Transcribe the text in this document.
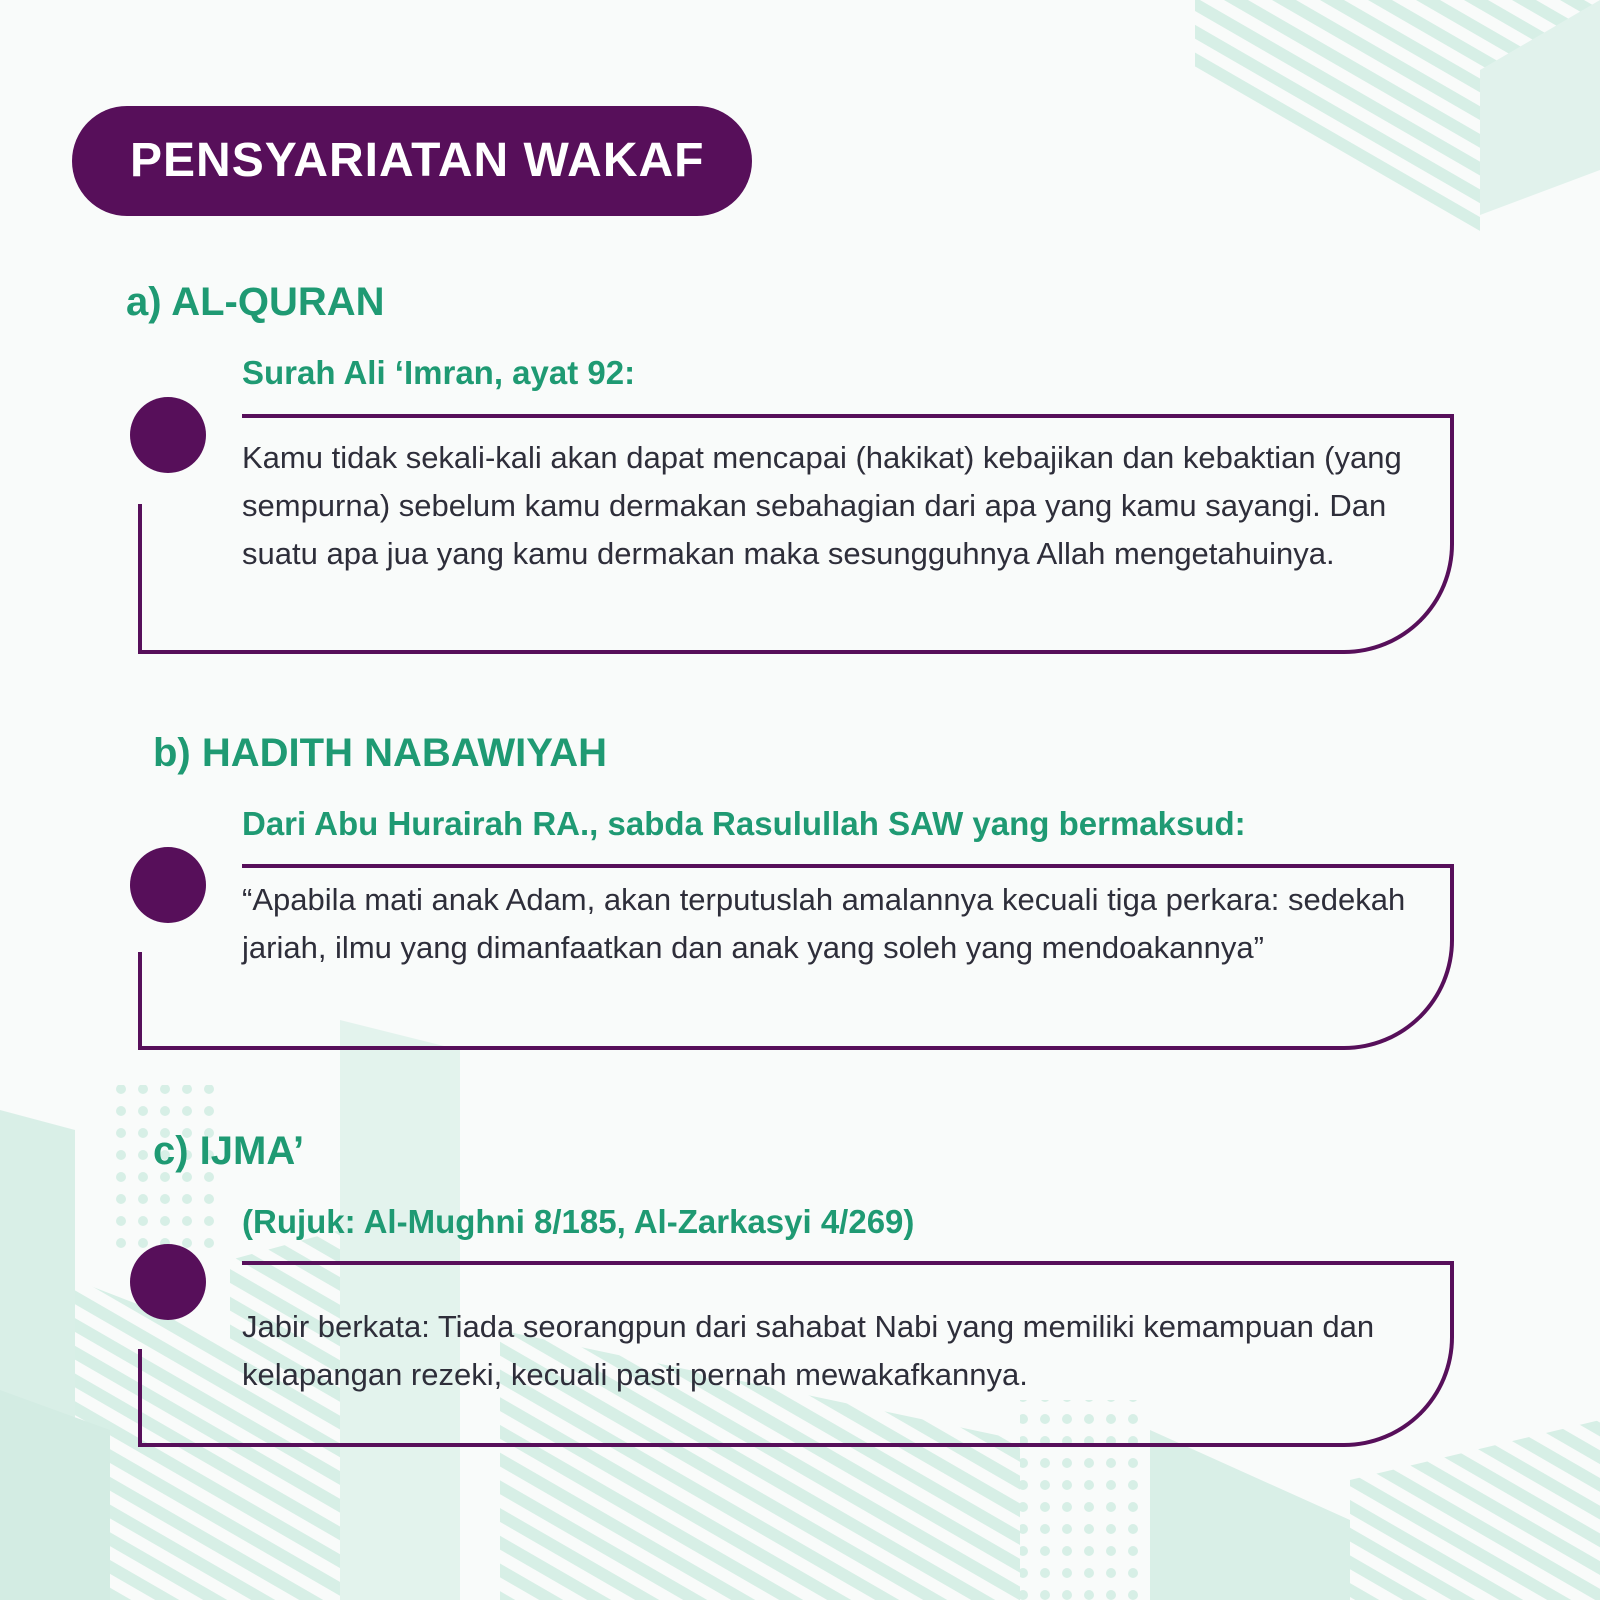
PENSYARIATAN WAKAF
a) AL-QURAN
Surah Ali ‘Imran, ayat 92:
Kamu tidak sekali-kali akan dapat mencapai (hakikat) kebajikan dan kebaktian (yang sempurna) sebelum kamu dermakan sebahagian dari apa yang kamu sayangi. Dan suatu apa jua yang kamu dermakan maka sesungguhnya Allah mengetahuinya.
b) HADITH NABAWIYAH
Dari Abu Hurairah RA., sabda Rasulullah SAW yang bermaksud:
“Apabila mati anak Adam, akan terputuslah amalannya kecuali tiga perkara: sedekah jariah, ilmu yang dimanfaatkan dan anak yang soleh yang mendoakannya”
c) IJMA’
(Rujuk: Al-Mughni 8/185, Al-Zarkasyi 4/269)
Jabir berkata: Tiada seorangpun dari sahabat Nabi yang memiliki kemampuan dan kelapangan rezeki, kecuali pasti pernah mewakafkannya.
